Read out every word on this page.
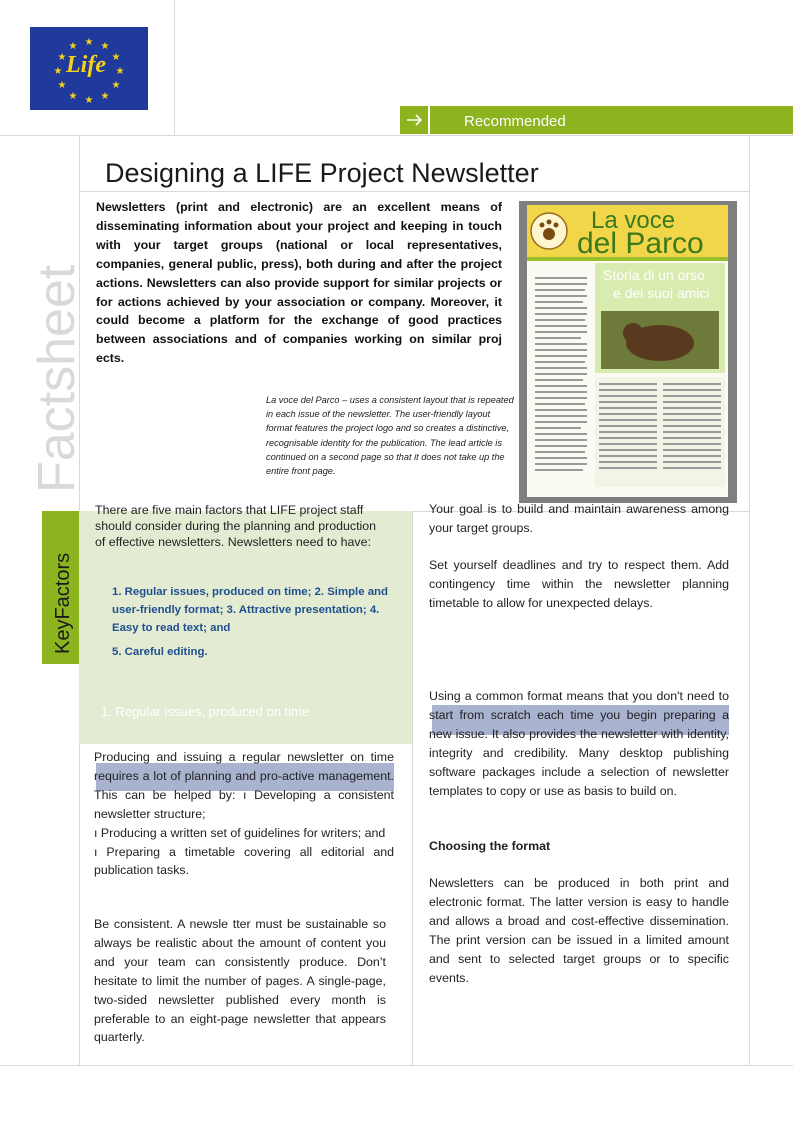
★ ★
★
★
★
★
★
★
★
★
★
★
Life
Recommended
Designing a LIFE Project Newsletter
Factsheet
KeyFactors
Newsletters (print and electronic) are an excellent means of disseminating information about your project and keeping in touch with your target groups (national or local representatives, companies, general public, press), both during and after the project actions. Newsletters can also provide support for similar projects or for actions achieved by your association or company. Moreover, it could become a platform for the exchange of good practices between associations and of companies working on similar proj ects.
La voce del Parco – uses a consistent layout that is repeated in each issue of the newsletter. The user-friendly layout format features the project logo and so creates a distinctive, recognisable identity for the publication. The lead article is continued on a second page so that it does not take up the entire front page.
La voce
del Parco
Storia di un orso
e dei suoi amici
There are five main factors that LIFE project staff should consider during the planning and production of effective newsletters. Newsletters need to have:
1. Regular issues, produced on time; 2. Simple and user-friendly format; 3. Attractive presentation; 4. Easy to read text; and
5. Careful editing.
1. Regular issues, produced on time

Producing and issuing a regular newsletter on time requires a lot of planning and pro-active management. This can be helped by: ı Developing a consistent newsletter structure;

ı Producing a written set of guidelines for writers; and

ı Preparing a timetable covering all editorial and publication tasks.

Be consistent. A newsle tter must be sustainable so always be realistic about the amount of content you and your team can consistently produce. Don’t hesitate to limit the number of pages. A single-page, two-sided newsletter published every month is preferable to an eight-page newsletter that appears quarterly.
Your goal is to build and maintain awareness among your target groups.
Set yourself deadlines and try to respect them. Add contingency time within the newsletter planning timetable to allow for unexpected delays.
Using a common format means that you don't need to start from scratch each time you begin preparing a new issue. It also provides the newsletter with identity, integrity and credibility. Many desktop publishing software packages include a selection of newsletter templates to copy or use as basis to build on.
Choosing the format
Newsletters can be produced in both print and electronic format. The latter version is easy to handle and allows a broad and cost-effective dissemination. The print version can be issued in a limited amount and sent to selected target groups or to specific events.
